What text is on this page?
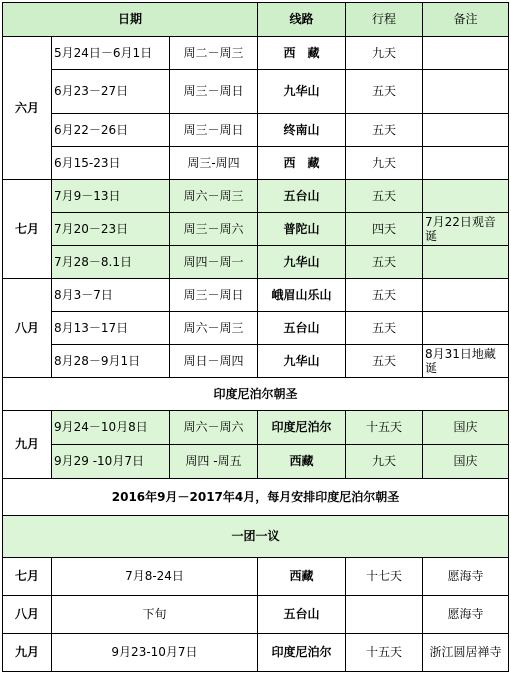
日期			线路	行程	备注
六月	5月24日－6月1日	周二－周三	西　藏	九天	
	6月23－27日	周三－周日	九华山	五天	
	6月22－26日	周三－周日	终南山	五天	
	6月15-23日	周三-周四	西　藏	九天	
七月	7月9－13日	周六－周三	五台山	五天	
	7月20－23日	周三－周六	普陀山	四天	7月22日观音诞
	7月28－8.1日	周四－周一	九华山	五天	
八月	8月3－7日	周三－周日	峨眉山乐山	五天	
	8月13－17日	周六－周三	五台山	五天	
	8月28－9月1日	周日－周四	九华山	五天	8月31日地藏诞
印度尼泊尔朝圣					
九月	9月24－10月8日	周六－周六	印度尼泊尔	十五天	国庆
	9月29 -10月7日	周四 -周五	西藏	九天	国庆
2016年9月－2017年4月，每月安排印度尼泊尔朝圣					
一团一议					
七月	7月8-24日		西藏	十七天	愿海寺
八月	下旬		五台山		愿海寺
九月	9月23-10月7日		印度尼泊尔	十五天	浙江圆居禅寺
